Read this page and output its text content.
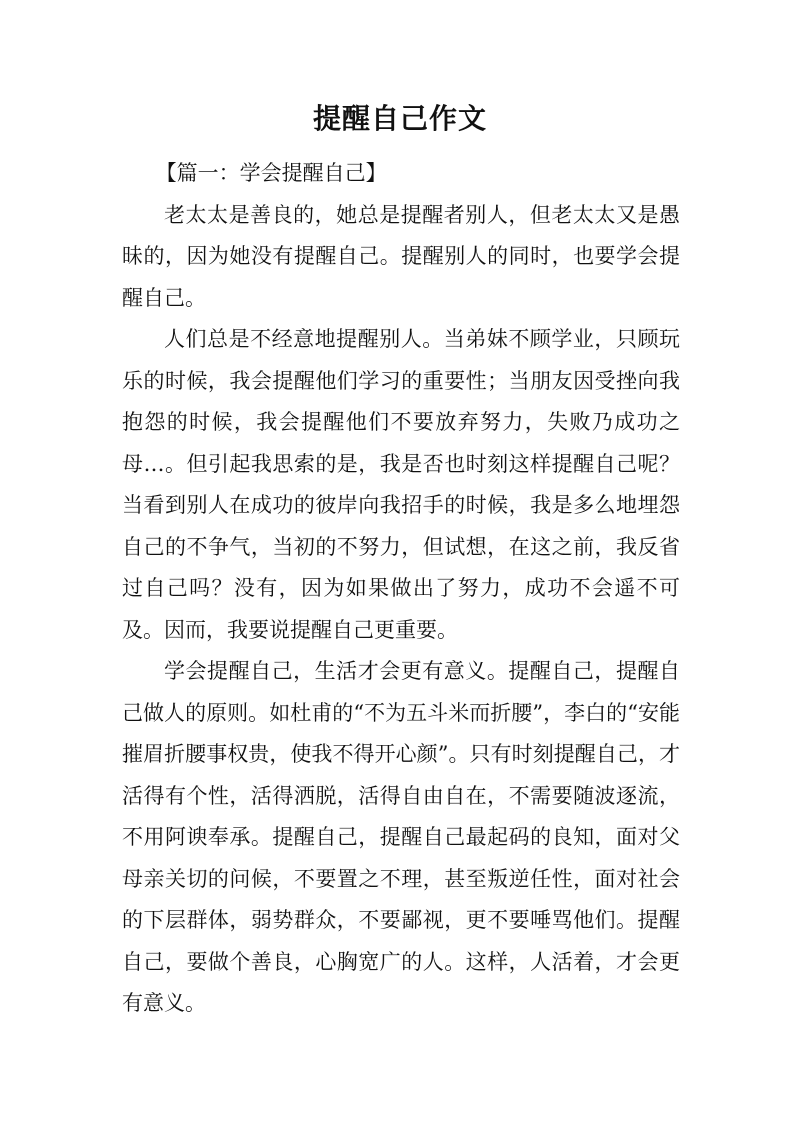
提醒自己作文

【篇一：学会提醒自己】

老太太是善良的，她总是提醒者别人，但老太太又是愚昧的，因为她没有提醒自己。提醒别人的同时，也要学会提醒自己。

人们总是不经意地提醒别人。当弟妹不顾学业，只顾玩乐的时候，我会提醒他们学习的重要性；当朋友因受挫向我抱怨的时候，我会提醒他们不要放弃努力，失败乃成功之母…。但引起我思索的是，我是否也时刻这样提醒自己呢？当看到别人在成功的彼岸向我招手的时候，我是多么地埋怨自己的不争气，当初的不努力，但试想，在这之前，我反省过自己吗？没有，因为如果做出了努力，成功不会遥不可及。因而，我要说提醒自己更重要。

学会提醒自己，生活才会更有意义。提醒自己，提醒自己做人的原则。如杜甫的“不为五斗米而折腰”，李白的“安能摧眉折腰事权贵，使我不得开心颜”。只有时刻提醒自己，才活得有个性，活得洒脱，活得自由自在，不需要随波逐流，不用阿谀奉承。提醒自己，提醒自己最起码的良知，面对父母亲关切的问候，不要置之不理，甚至叛逆任性，面对社会的下层群体，弱势群众，不要鄙视，更不要唾骂他们。提醒自己，要做个善良，心胸宽广的人。这样，人活着，才会更有意义。
